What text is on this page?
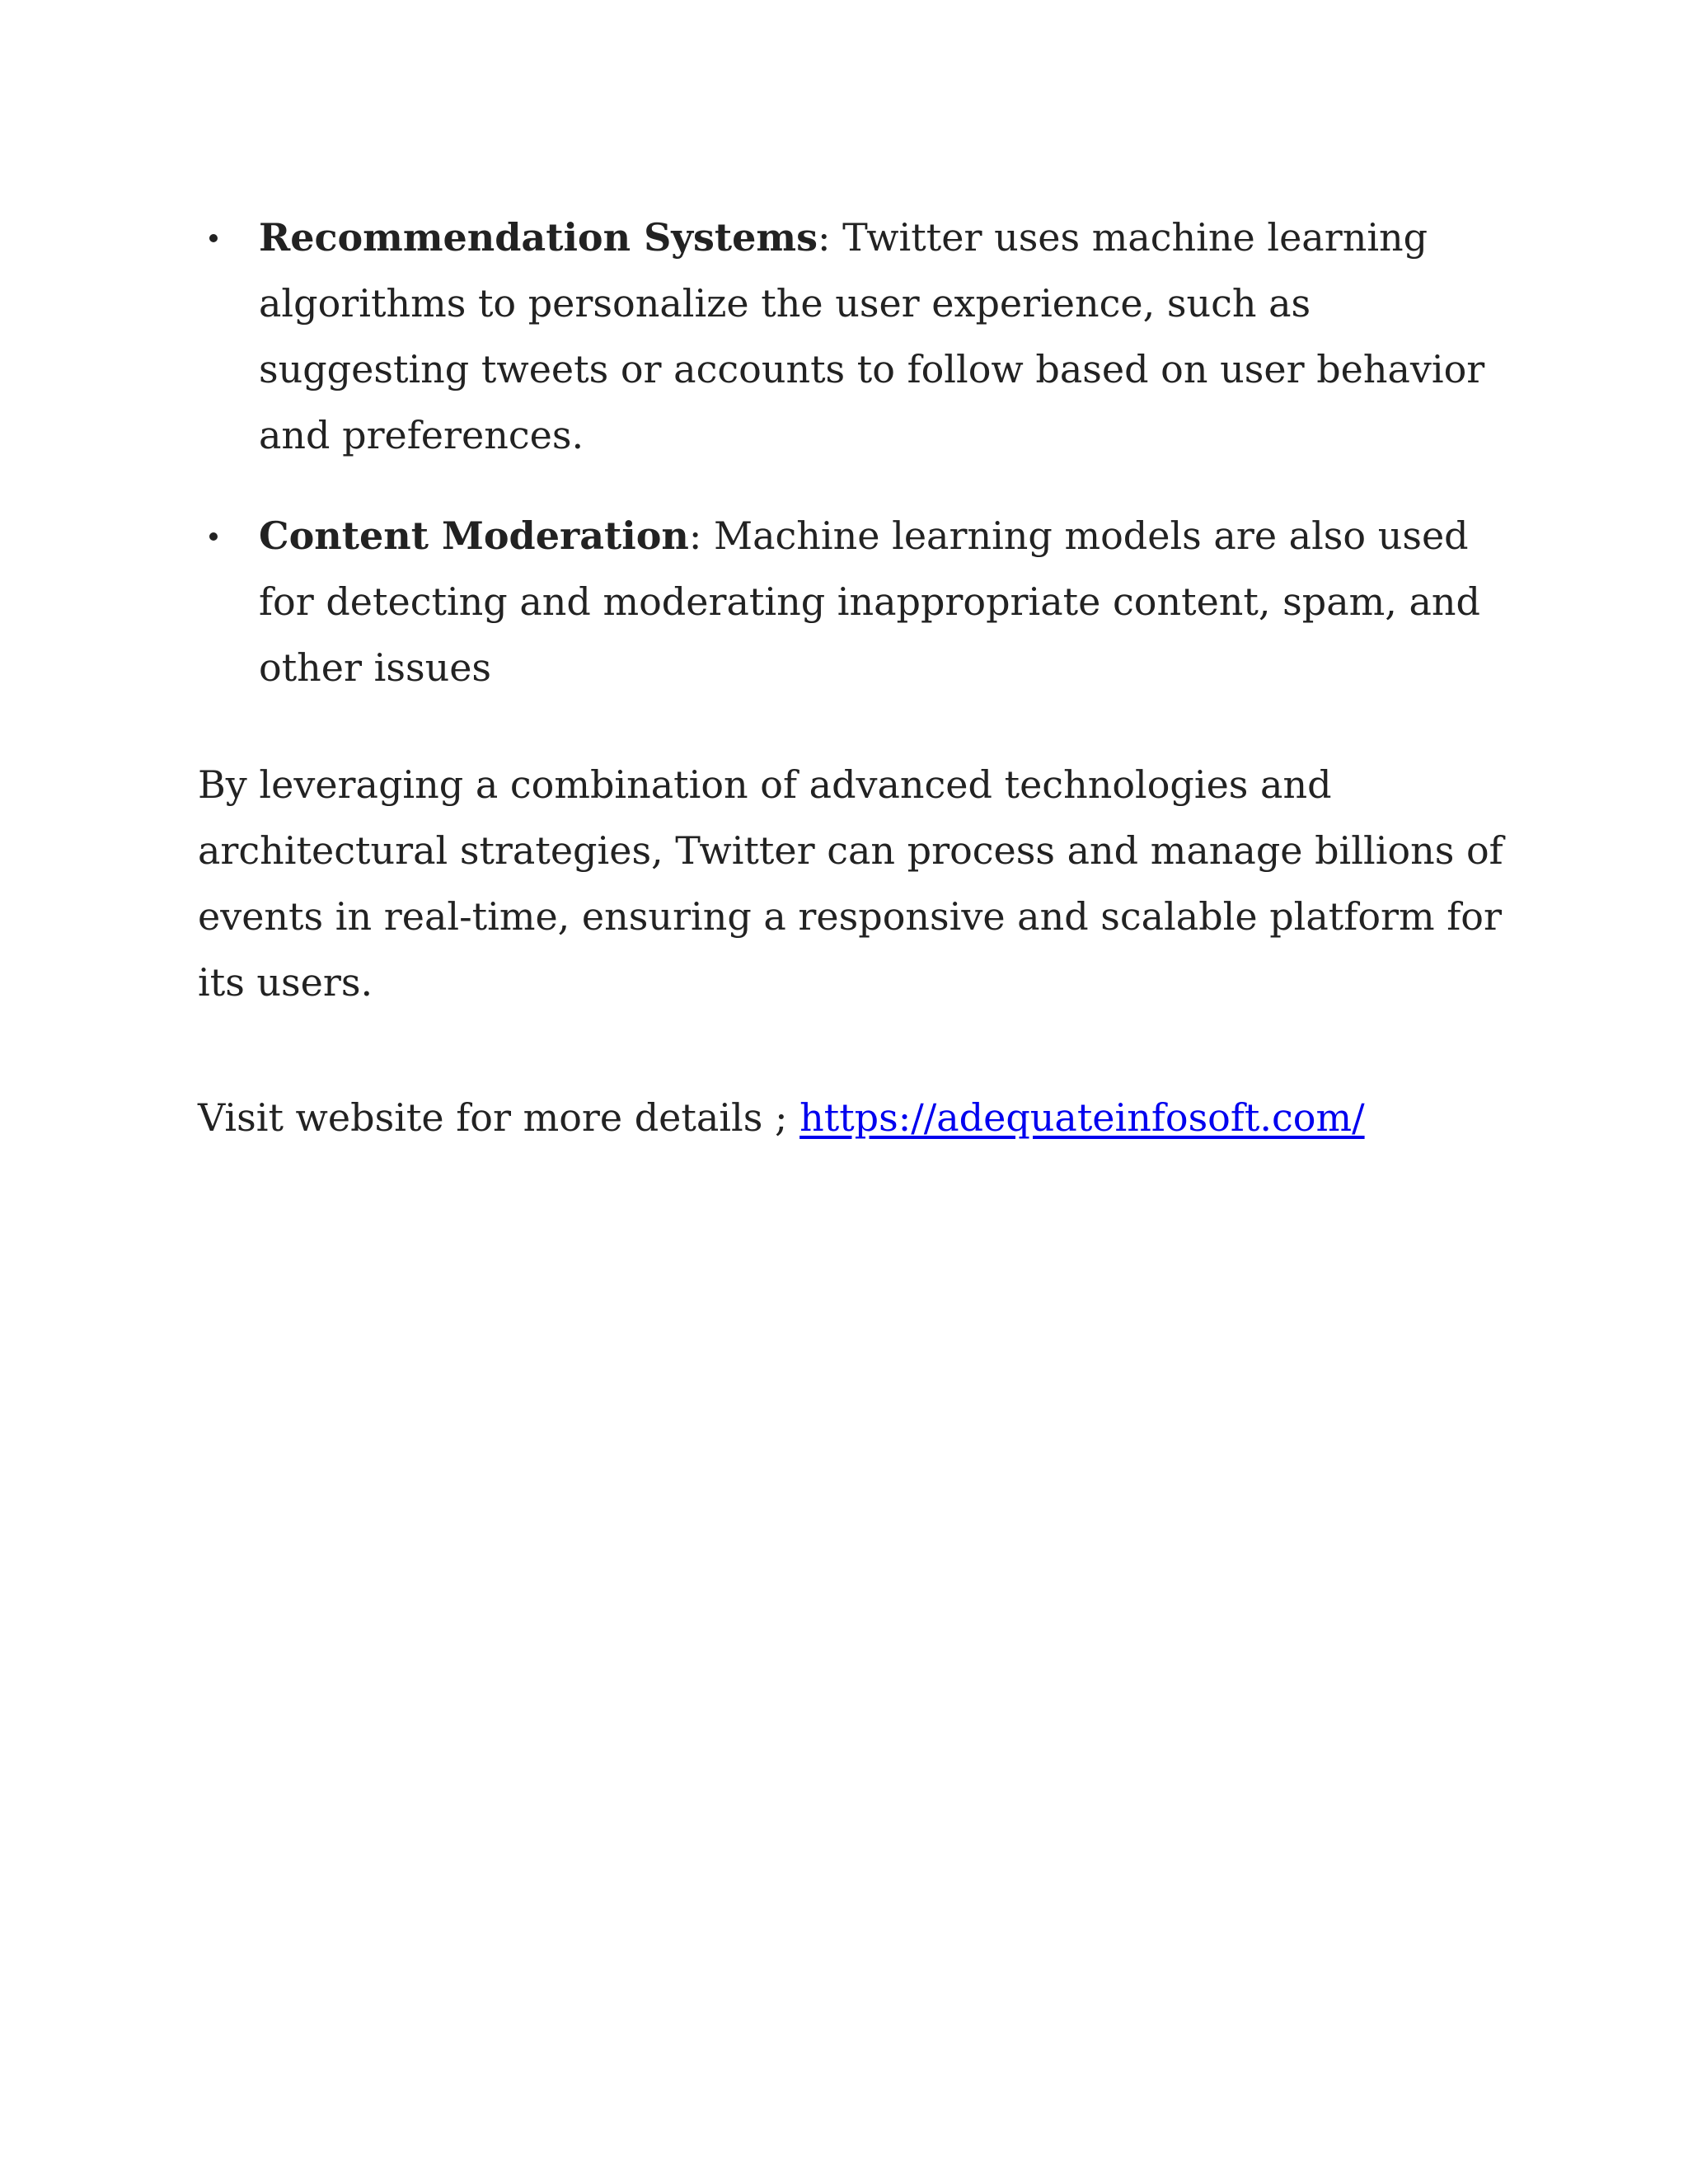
Recommendation Systems: Twitter uses machine learning algorithms to personalize the user experience, such as suggesting tweets or accounts to follow based on user behavior and preferences.
Content Moderation: Machine learning models are also used for detecting and moderating inappropriate content, spam, and other issues

By leveraging a combination of advanced technologies and architectural strategies, Twitter can process and manage billions of events in real-time, ensuring a responsive and scalable platform for its users.

Visit website for more details ; https://adequateinfosoft.com/
